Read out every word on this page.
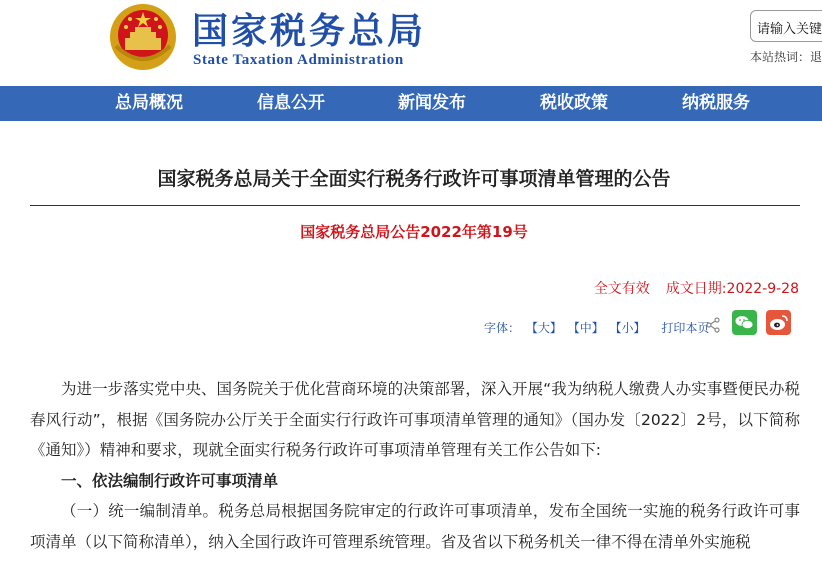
国家税务总局
State Taxation Administration
请输入关键
本站热词：退
总局概况	信息公开	新闻发布	税收政策	纳税服务
国家税务总局关于全面实行税务行政许可事项清单管理的公告
国家税务总局公告2022年第19号
全文有效 成文日期:2022-9-28
字体： 【大】 【中】 【小】 打印本页

为进一步落实党中央、国务院关于优化营商环境的决策部署，深入开展“我为纳税人缴费人办实事暨便民办税春风行动”，根据《国务院办公厅关于全面实行行政许可事项清单管理的通知》（国办发〔2022〕2号，以下简称《通知》）精神和要求，现就全面实行税务行政许可事项清单管理有关工作公告如下:

一、依法编制行政许可事项清单

（一）统一编制清单。税务总局根据国务院审定的行政许可事项清单，发布全国统一实施的税务行政许可事项清单（以下简称清单），纳入全国行政许可管理系统管理。省及省以下税务机关一律不得在清单外实施税
